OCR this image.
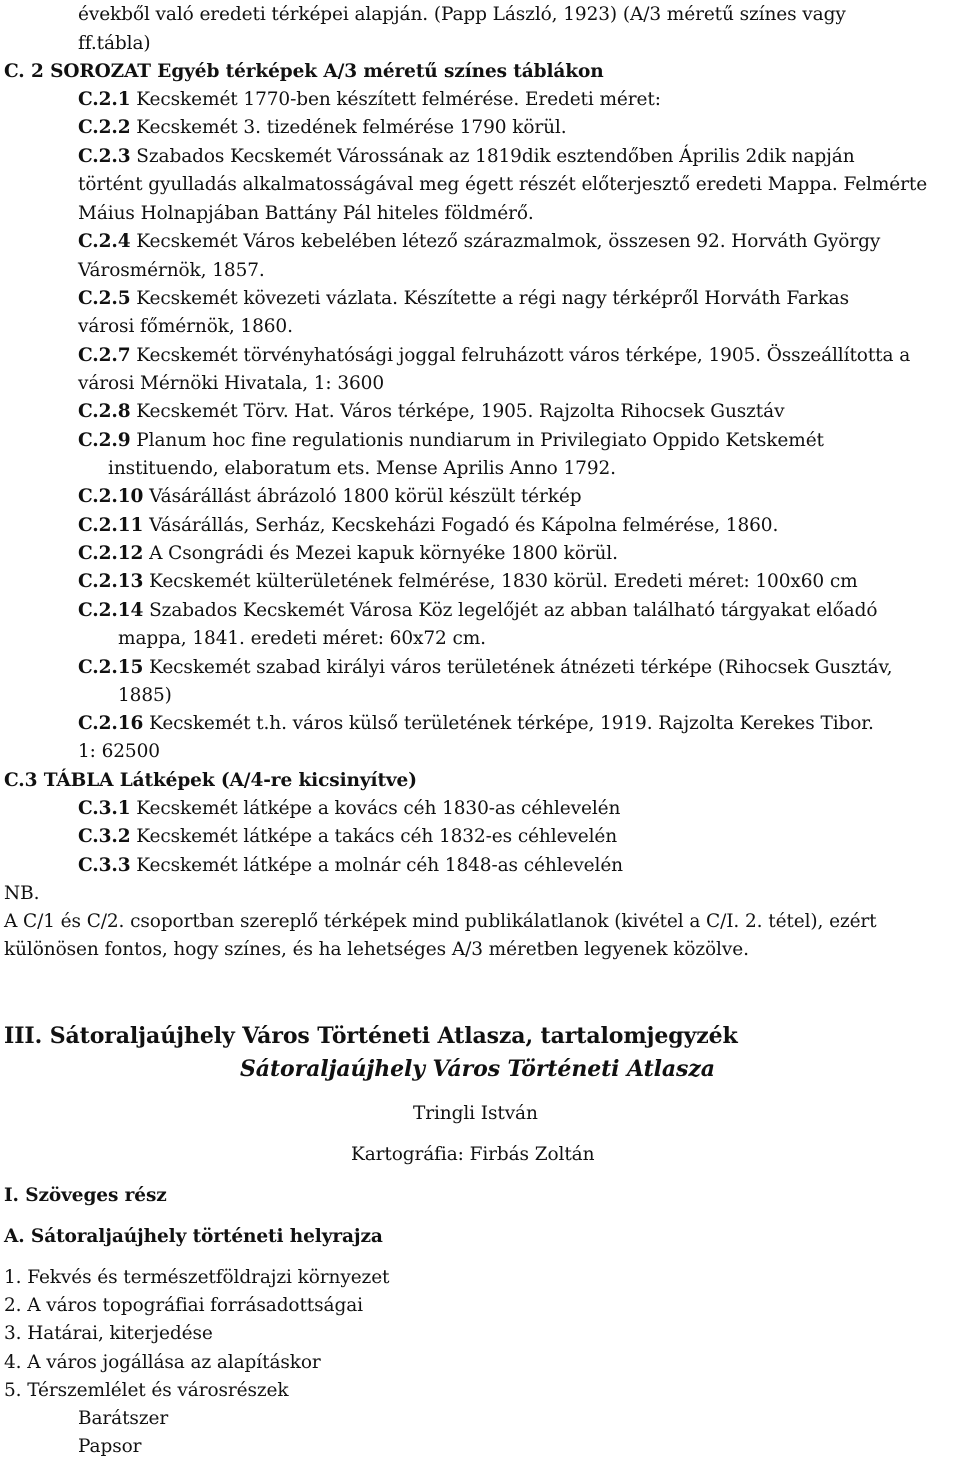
évekből való eredeti térképei alapján. (Papp László, 1923) (A/3 méretű színes vagy
ff.tábla)
C. 2 SOROZAT Egyéb térképek A/3 méretű színes táblákon
C.2.1 Kecskemét 1770-ben készített felmérése. Eredeti méret:
C.2.2 Kecskemét 3. tizedének felmérése 1790 körül.
C.2.3 Szabados Kecskemét Várossának az 1819dik esztendőben Április 2dik napján
történt gyulladás alkalmatosságával meg égett részét előterjesztő eredeti Mappa. Felmérte
Máius Holnapjában Battány Pál hiteles földmérő.
C.2.4 Kecskemét Város kebelében létező szárazmalmok, összesen 92. Horváth György
Városmérnök, 1857.
C.2.5 Kecskemét kövezeti vázlata. Készítette a régi nagy térképről Horváth Farkas
városi főmérnök, 1860.
C.2.7 Kecskemét törvényhatósági joggal felruházott város térképe, 1905. Összeállította a
városi Mérnöki Hivatala, 1: 3600
C.2.8 Kecskemét Törv. Hat. Város térképe, 1905. Rajzolta Rihocsek Gusztáv
C.2.9 Planum hoc fine regulationis nundiarum in Privilegiato Oppido Ketskemét
instituendo, elaboratum ets. Mense Aprilis Anno 1792.
C.2.10 Vásárállást ábrázoló 1800 körül készült térkép
C.2.11 Vásárállás, Serház, Kecskeházi Fogadó és Kápolna felmérése, 1860.
C.2.12 A Csongrádi és Mezei kapuk környéke 1800 körül.
C.2.13 Kecskemét külterületének felmérése, 1830 körül. Eredeti méret: 100x60 cm
C.2.14 Szabados Kecskemét Városa Köz legelőjét az abban található tárgyakat előadó
mappa, 1841. eredeti méret: 60x72 cm.
C.2.15 Kecskemét szabad királyi város területének átnézeti térképe (Rihocsek Gusztáv,
1885)
C.2.16 Kecskemét t.h. város külső területének térképe, 1919. Rajzolta Kerekes Tibor.
1: 62500
C.3 TÁBLA Látképek (A/4-re kicsinyítve)
C.3.1 Kecskemét látképe a kovács céh 1830-as céhlevelén
C.3.2 Kecskemét látképe a takács céh 1832-es céhlevelén
C.3.3 Kecskemét látképe a molnár céh 1848-as céhlevelén
NB.
A C/1 és C/2. csoportban szereplő térképek mind publikálatlanok (kivétel a C/I. 2. tétel), ezért
különösen fontos, hogy színes, és ha lehetséges A/3 méretben legyenek közölve.
III. Sátoraljaújhely Város Történeti Atlasza, tartalomjegyzék
Sátoraljaújhely Város Történeti Atlasza
Tringli István
Kartográfia: Firbás Zoltán
I. Szöveges rész
A. Sátoraljaújhely történeti helyrajza
1. Fekvés és természetföldrajzi környezet
2. A város topográfiai forrásadottságai
3. Határai, kiterjedése
4. A város jogállása az alapításkor
5. Térszemlélet és városrészek
Barátszer
Papsor
